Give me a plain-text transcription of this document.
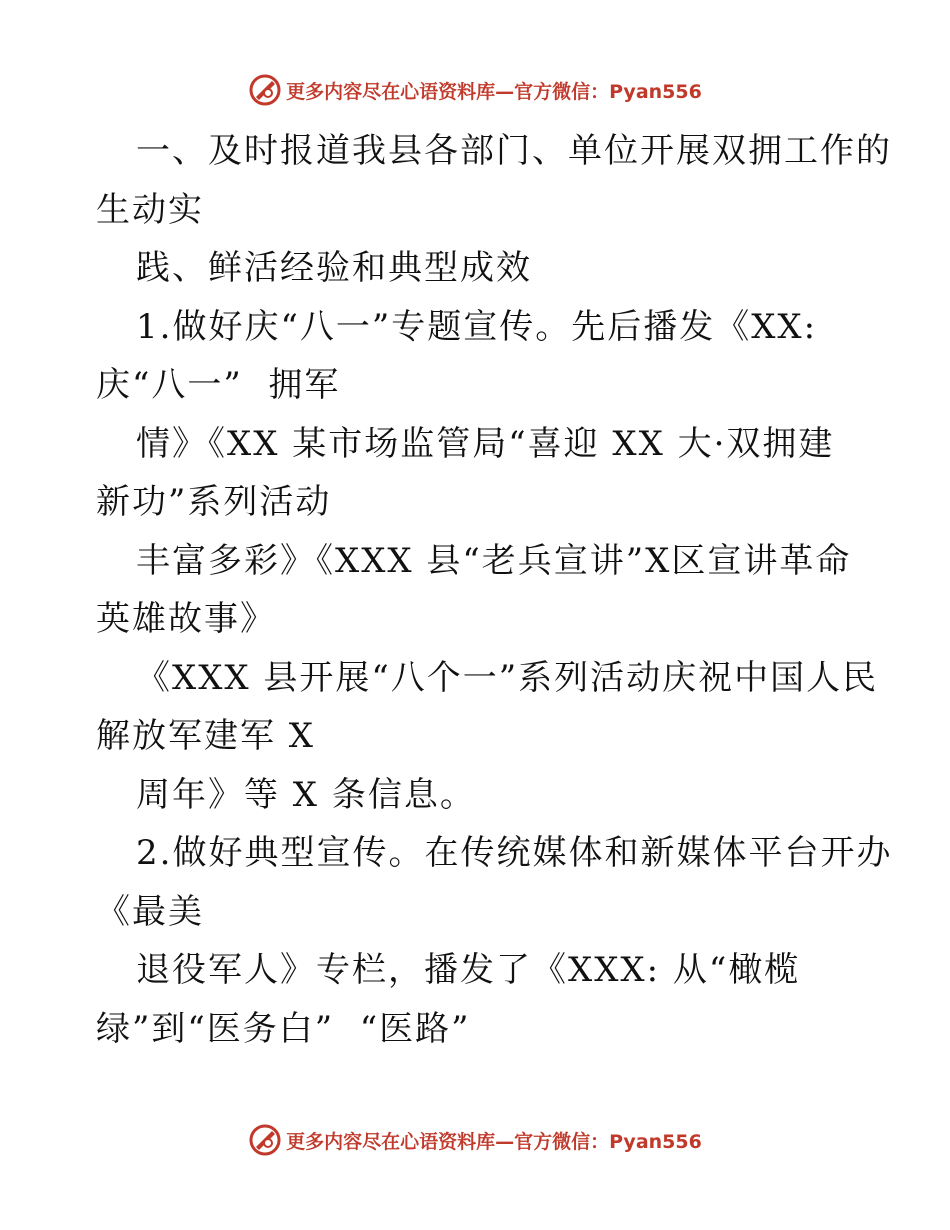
更多内容尽在心语资料库—官方微信：Pyan556
一、及时报道我县各部门、单位开展双拥工作的
生动实
践、鲜活经验和典型成效
1.做好庆“八一”专题宣传。先后播发《XX:
庆“八一”  拥军
情》《XX 某市场监管局“喜迎 XX 大·双拥建
新功”系列活动
丰富多彩》《XXX 县“老兵宣讲”X区宣讲革命
英雄故事》
《XXX 县开展“八个一”系列活动庆祝中国人民
解放军建军 X
周年》等 X 条信息。
2.做好典型宣传。在传统媒体和新媒体平台开办
《最美
退役军人》专栏，播发了《XXX: 从“橄榄
绿”到“医务白”  “医路”
更多内容尽在心语资料库—官方微信：Pyan556
